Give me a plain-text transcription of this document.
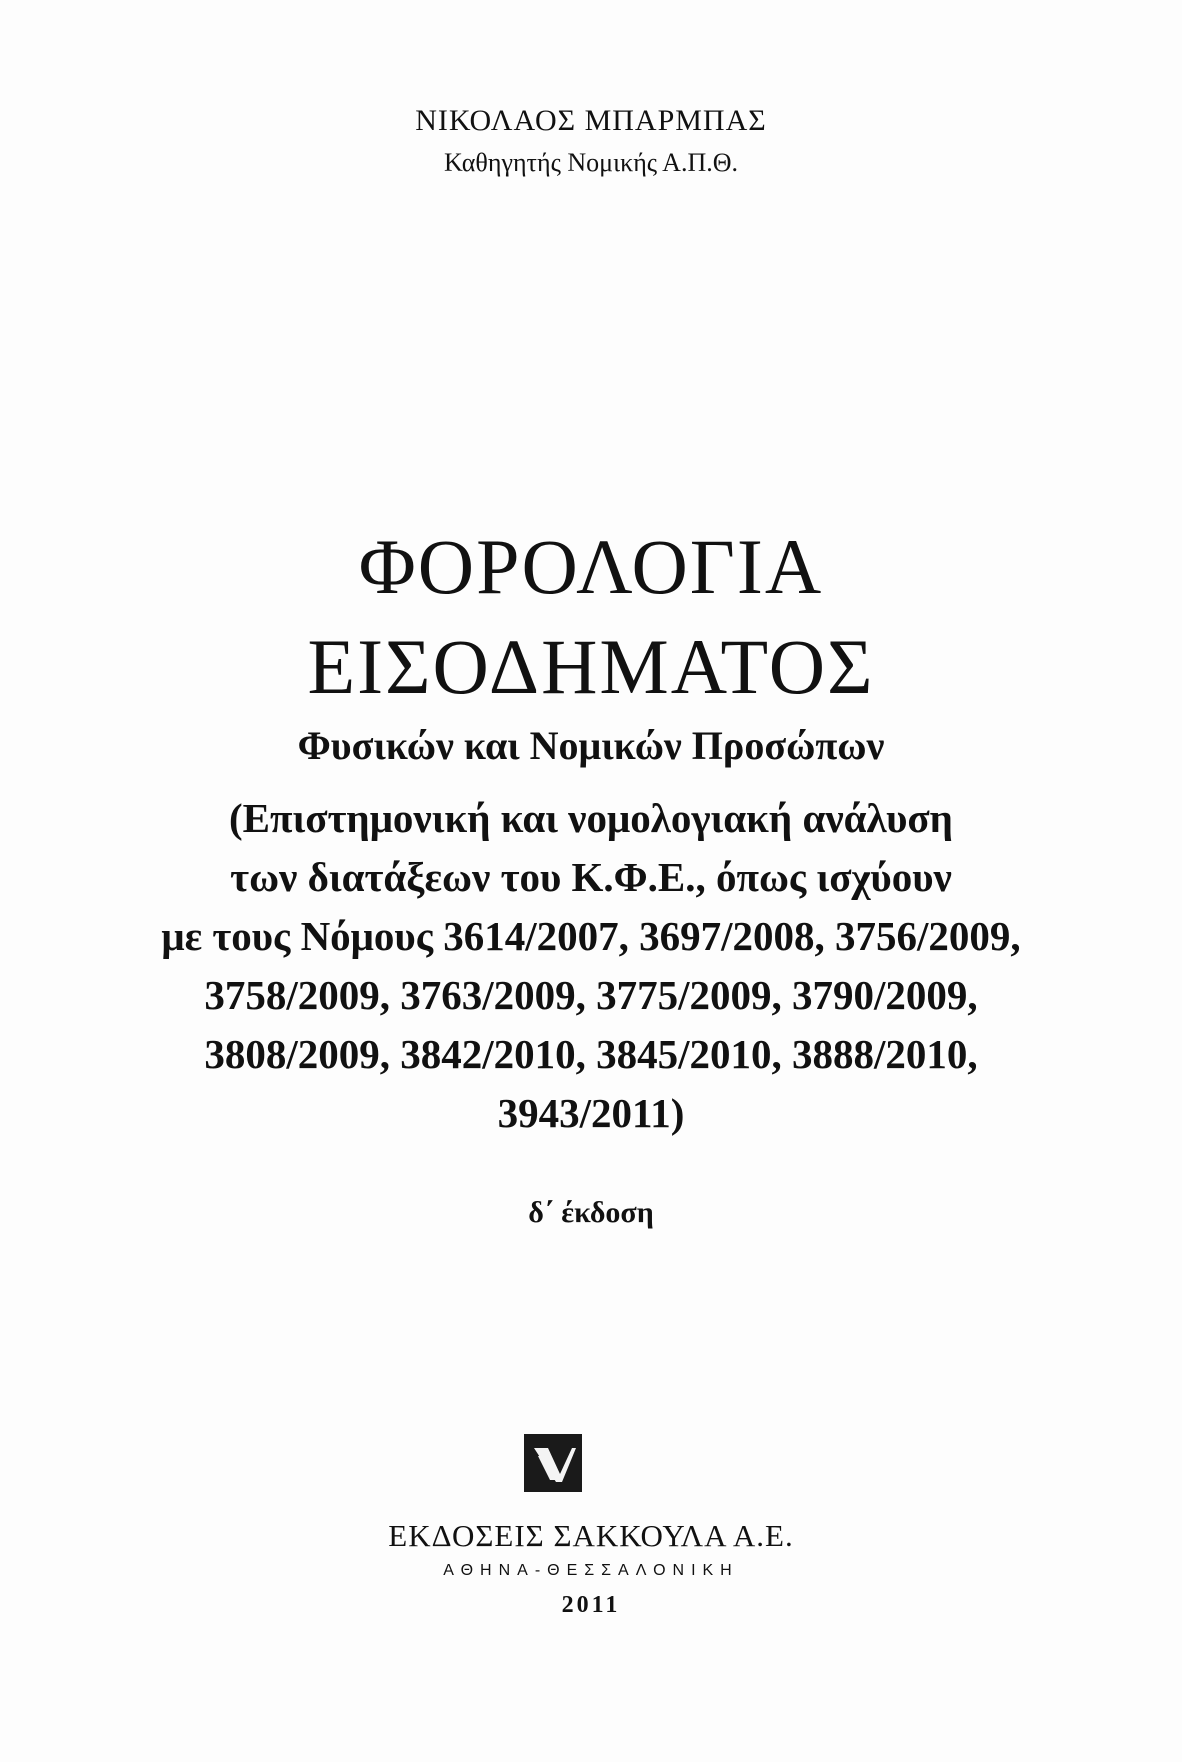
ΝΙΚΟΛΑΟΣ ΜΠΑΡΜΠΑΣ
Καθηγητής Νομικής Α.Π.Θ.
ΦΟΡΟΛΟΓΙΑ
ΕΙΣΟΔΗΜΑΤΟΣ
Φυσικών και Νομικών Προσώπων
(Επιστημονική και νομολογιακή ανάλυση
των διατάξεων του Κ.Φ.Ε., όπως ισχύουν
με τους Νόμους 3614/2007, 3697/2008, 3756/2009,
3758/2009, 3763/2009, 3775/2009, 3790/2009,
3808/2009, 3842/2010, 3845/2010, 3888/2010,
3943/2011)
δ΄ έκδοση
ΕΚΔΟΣΕΙΣ ΣΑΚΚΟΥΛΑ Α.Ε.
ΑΘΗΝΑ-ΘΕΣΣΑΛΟΝΙΚΗ
2011
